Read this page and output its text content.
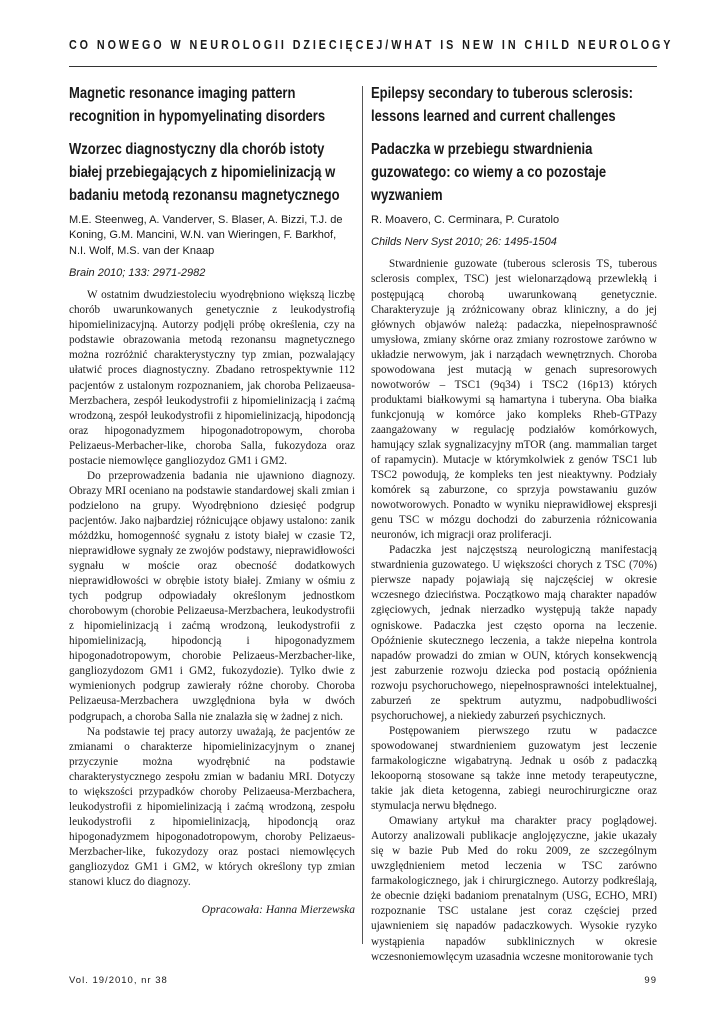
CO NOWEGO W NEUROLOGII DZIECIĘCEJ/WHAT IS NEW IN CHILD NEUROLOGY
Magnetic resonance imaging pattern recognition in hypomyelinating disorders
Wzorzec diagnostyczny dla chorób istoty białej przebiegających z hipomielinizacją w badaniu metodą rezonansu magnetycznego
M.E. Steenweg, A. Vanderver, S. Blaser, A. Bizzi, T.J. de Koning, G.M. Mancini, W.N. van Wieringen, F. Barkhof, N.I. Wolf, M.S. van der Knaap
Brain 2010; 133: 2971-2982

W ostatnim dwudziestoleciu wyodrębniono większą liczbę chorób uwarunkowanych genetycznie z leukodystrofią hipomielinizacyjną. Autorzy podjęli próbę określenia, czy na podstawie obrazowania metodą rezonansu magnetycznego można rozróżnić charakterystyczny typ zmian, pozwalający ułatwić proces diagnostyczny. Zbadano retrospektywnie 112 pacjentów z ustalonym rozpoznaniem, jak choroba Pelizaeusa-Merzbachera, zespół leukodystrofii z hipomielinizacją i zaćmą wrodzoną, zespół leukodystrofii z hipomielinizacją, hipodoncją oraz hipogonadyzmem hipogonadotropowym, choroba Pelizaeus-Merbacher-like, choroba Salla, fukozydoza oraz postacie niemowlęce gangliozydoz GM1 i GM2.

Do przeprowadzenia badania nie ujawniono diagnozy. Obrazy MRI oceniano na podstawie standardowej skali zmian i podzielono na grupy. Wyodrębniono dziesięć podgrup pacjentów. Jako najbardziej różnicujące objawy ustalono: zanik móżdżku, homogenność sygnału z istoty białej w czasie T2, nieprawidłowe sygnały ze zwojów podstawy, nieprawidłowości sygnału w moście oraz obecność dodatkowych nieprawidłowości w obrębie istoty białej. Zmiany w ośmiu z tych podgrup odpowiadały określonym jednostkom chorobowym (chorobie Pelizaeusa-Merzbachera, leukodystrofii z hipomielinizacją i zaćmą wrodzoną, leukodystrofii z hipomielinizacją, hipodoncją i hipogonadyzmem hipogonadotropowym, chorobie Pelizaeus-Merzbacher-like, gangliozydozom GM1 i GM2, fukozydozie). Tylko dwie z wymienionych podgrup zawierały różne choroby. Choroba Pelizaeusa-Merzbachera uwzględniona była w dwóch podgrupach, a choroba Salla nie znalazła się w żadnej z nich.

Na podstawie tej pracy autorzy uważają, że pacjentów ze zmianami o charakterze hipomielinizacyjnym o znanej przyczynie można wyodrębnić na podstawie charakterystycznego zespołu zmian w badaniu MRI. Dotyczy to większości przypadków choroby Pelizaeusa-Merzbachera, leukodystrofii z hipomielinizacją i zaćmą wrodzoną, zespołu leukodystrofii z hipomielinizacją, hipodoncją oraz hipogonadyzmem hipogonadotropowym, choroby Pelizaeus-Merzbacher-like, fukozydozy oraz postaci niemowlęcych gangliozydoz GM1 i GM2, w których określony typ zmian stanowi klucz do diagnozy.

Opracowała: Hanna Mierzewska
Epilepsy secondary to tuberous sclerosis: lessons learned and current challenges
Padaczka w przebiegu stwardnienia guzowatego: co wiemy a co pozostaje wyzwaniem
R. Moavero, C. Cerminara, P. Curatolo
Childs Nerv Syst 2010; 26: 1495-1504

Stwardnienie guzowate (tuberous sclerosis TS, tuberous sclerosis complex, TSC) jest wielonarządową przewlekłą i postępującą chorobą uwarunkowaną genetycznie. Charakteryzuje ją zróżnicowany obraz kliniczny, a do jej głównych objawów należą: padaczka, niepełnosprawność umysłowa, zmiany skórne oraz zmiany rozrostowe zarówno w układzie nerwowym, jak i narządach wewnętrznych. Choroba spowodowana jest mutacją w genach supresorowych nowotworów – TSC1 (9q34) i TSC2 (16p13) których produktami białkowymi są hamartyna i tuberyna. Oba białka funkcjonują w komórce jako kompleks Rheb-GTPazy zaangażowany w regulację podziałów komórkowych, hamujący szlak sygnalizacyjny mTOR (ang. mammalian target of rapamycin). Mutacje w którymkolwiek z genów TSC1 lub TSC2 powodują, że kompleks ten jest nieaktywny. Podziały komórek są zaburzone, co sprzyja powstawaniu guzów nowotworowych. Ponadto w wyniku nieprawidłowej ekspresji genu TSC w mózgu dochodzi do zaburzenia różnicowania neuronów, ich migracji oraz proliferacji.

Padaczka jest najczęstszą neurologiczną manifestacją stwardnienia guzowatego. U większości chorych z TSC (70%) pierwsze napady pojawiają się najczęściej w okresie wczesnego dzieciństwa. Początkowo mają charakter napadów zgięciowych, jednak nierzadko występują także napady ogniskowe. Padaczka jest często oporna na leczenie. Opóźnienie skutecznego leczenia, a także niepełna kontrola napadów prowadzi do zmian w OUN, których konsekwencją jest zaburzenie rozwoju dziecka pod postacią opóźnienia rozwoju psychoruchowego, niepełnosprawności intelektualnej, zaburzeń ze spektrum autyzmu, nadpobudliwości psychoruchowej, a niekiedy zaburzeń psychicznych.

Postępowaniem pierwszego rzutu w padaczce spowodowanej stwardnieniem guzowatym jest leczenie farmakologiczne wigabatryną. Jednak u osób z padaczką lekooporną stosowane są także inne metody terapeutyczne, takie jak dieta ketogenna, zabiegi neurochirurgiczne oraz stymulacja nerwu błędnego.

Omawiany artykuł ma charakter pracy poglądowej. Autorzy analizowali publikacje anglojęzyczne, jakie ukazały się w bazie Pub Med do roku 2009, ze szczególnym uwzględnieniem metod leczenia w TSC zarówno farmakologicznego, jak i chirurgicznego. Autorzy podkreślają, że obecnie dzięki badaniom prenatalnym (USG, ECHO, MRI) rozpoznanie TSC ustalane jest coraz częściej przed ujawnieniem się napadów padaczkowych. Wysokie ryzyko wystąpienia napadów subklinicznych w okresie wczesnoniemowlęcym uzasadnia wczesne monitorowanie tych

Vol. 19/2010, nr 38	99
